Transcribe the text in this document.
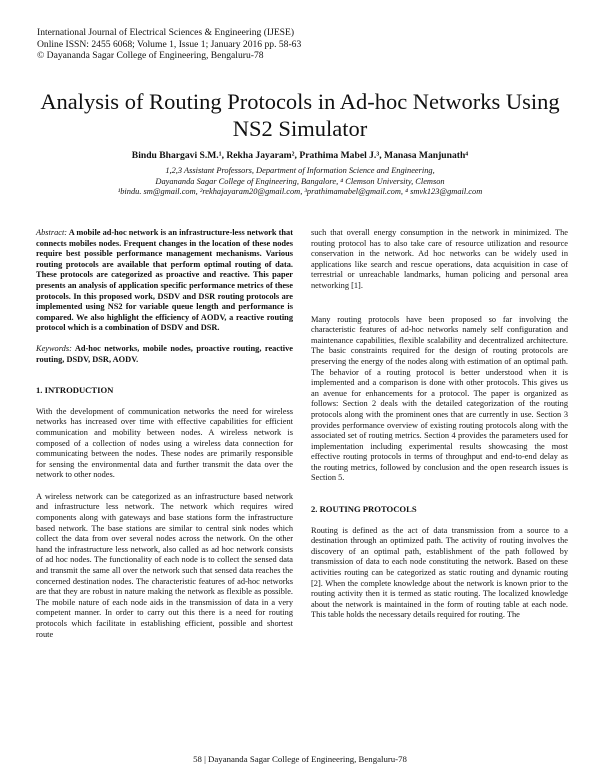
International Journal of Electrical Sciences & Engineering (IJESE)
Online ISSN: 2455 6068; Volume 1, Issue 1; January 2016 pp. 58-63
© Dayananda Sagar College of Engineering, Bengaluru-78
Analysis of Routing Protocols in Ad-hoc Networks Using NS2 Simulator
Bindu Bhargavi S.M.¹, Rekha Jayaram², Prathima Mabel J.³, Manasa Manjunath⁴
1,2,3 Assistant Professors, Department of Information Science and Engineering,
Dayananda Sagar College of Engineering, Bangalore, ⁴ Clemson University, Clemson
¹bindu. sm@gmail.com, ²rekhajayaram20@gmail.com, ³prathimamabel@gmail.com, ⁴ smvk123@gmail.com

Abstract: A mobile ad-hoc network is an infrastructure-less network that connects mobiles nodes. Frequent changes in the location of these nodes require best possible performance management mechanisms. Various routing protocols are available that perform optimal routing of data. These protocols are categorized as proactive and reactive. This paper presents an analysis of application specific performance metrics of these protocols. In this proposed work, DSDV and DSR routing protocols are implemented using NS2 for variable queue length and performance is compared. We also highlight the efficiency of AODV, a reactive routing protocol which is a combination of DSDV and DSR.

Keywords: Ad-hoc networks, mobile nodes, proactive routing, reactive routing, DSDV, DSR, AODV.

1. INTRODUCTION

With the development of communication networks the need for wireless networks has increased over time with effective capabilities for efficient communication and mobility between nodes. A wireless network is composed of a collection of nodes using a wireless data connection for communicating between the nodes. These nodes are primarily responsible for sensing the environmental data and further transmit the data over the network to other nodes.

A wireless network can be categorized as an infrastructure based network and infrastructure less network. The network which requires wired components along with gateways and base stations form the infrastructure based network. The base stations are similar to central sink nodes which collect the data from over several nodes across the network. On the other hand the infrastructure less network, also called as ad hoc network consists of ad hoc nodes. The functionality of each node is to collect the sensed data and transmit the same all over the network such that sensed data reaches the concerned destination nodes. The characteristic features of ad-hoc networks are that they are robust in nature making the network as flexible as possible. The mobile nature of each node aids in the transmission of data in a very competent manner. In order to carry out this there is a need for routing protocols which facilitate in establishing efficient, possible and shortest route

such that overall energy consumption in the network in minimized. The routing protocol has to also take care of resource utilization and resource conservation in the network. Ad hoc networks can be widely used in applications like search and rescue operations, data acquisition in case of terrestrial or unreachable landmarks, human policing and personal area networking [1].

Many routing protocols have been proposed so far involving the characteristic features of ad-hoc networks namely self configuration and maintenance capabilities, flexible scalability and decentralized architecture. The basic constraints required for the design of routing protocols are preserving the energy of the nodes along with estimation of an optimal path. The behavior of a routing protocol is better understood when it is implemented and a comparison is done with other protocols. This gives us an avenue for enhancements for a protocol. The paper is organized as follows: Section 2 deals with the detailed categorization of the routing protocols along with the prominent ones that are currently in use. Section 3 provides performance overview of existing routing protocols along with the associated set of routing metrics. Section 4 provides the parameters used for implementation including experimental results showcasing the most effective routing protocols in terms of throughput and end-to-end delay as the routing metrics, followed by conclusion and the open research issues is Section 5.

2. ROUTING PROTOCOLS

Routing is defined as the act of data transmission from a source to a destination through an optimized path. The activity of routing involves the discovery of an optimal path, establishment of the path followed by transmission of data to each node constituting the network. Based on these activities routing can be categorized as static routing and dynamic routing [2]. When the complete knowledge about the network is known prior to the routing activity then it is termed as static routing. The localized knowledge about the network is maintained in the form of routing table at each node. This table holds the necessary details required for routing. The

58 | Dayananda Sagar College of Engineering, Bengaluru-78
